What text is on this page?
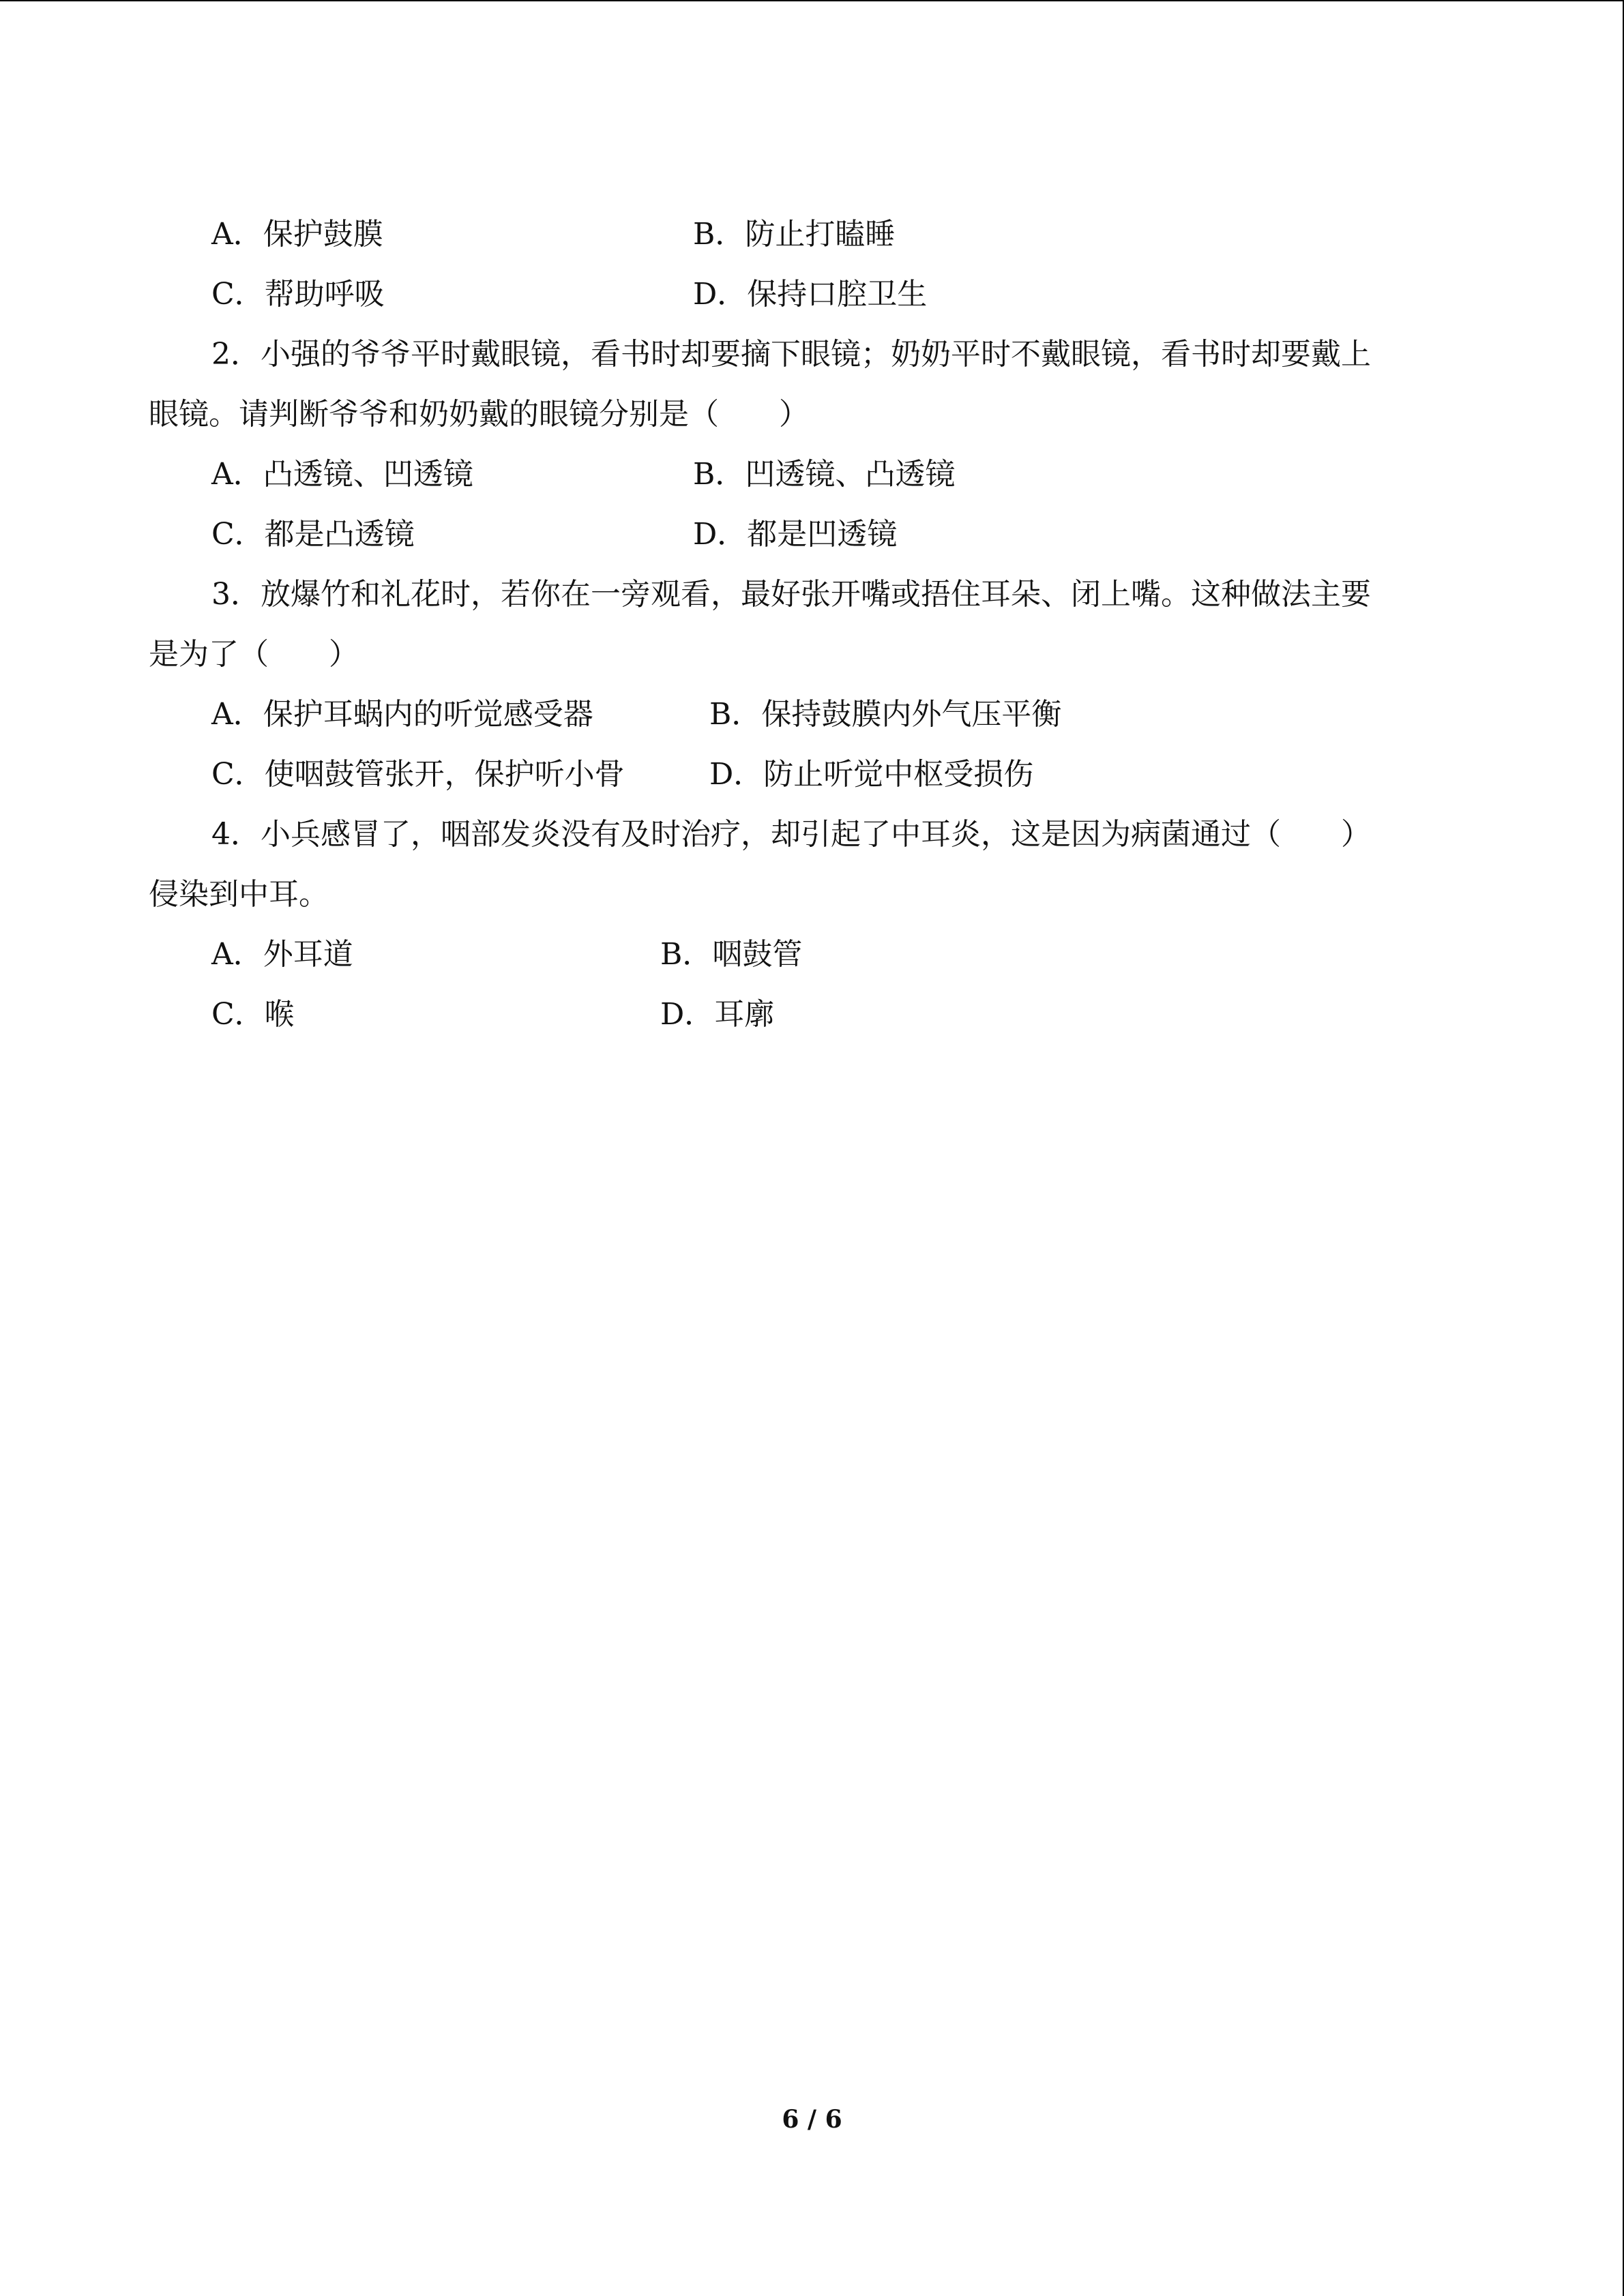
A．保护鼓膜	B．防止打瞌睡
C．帮助呼吸	D．保持口腔卫生
2．小强的爷爷平时戴眼镜，看书时却要摘下眼镜；奶奶平时不戴眼镜，看书时却要戴上
眼镜。请判断爷爷和奶奶戴的眼镜分别是（　　）
A．凸透镜、凹透镜	B．凹透镜、凸透镜
C．都是凸透镜	D．都是凹透镜
3．放爆竹和礼花时，若你在一旁观看，最好张开嘴或捂住耳朵、闭上嘴。这种做法主要
是为了（　　）
A．保护耳蜗内的听觉感受器	B．保持鼓膜内外气压平衡
C．使咽鼓管张开，保护听小骨	D．防止听觉中枢受损伤
4．小兵感冒了，咽部发炎没有及时治疗，却引起了中耳炎，这是因为病菌通过（　　）
侵染到中耳。
A．外耳道	B．咽鼓管
C．喉	D．耳廓
6 / 6
